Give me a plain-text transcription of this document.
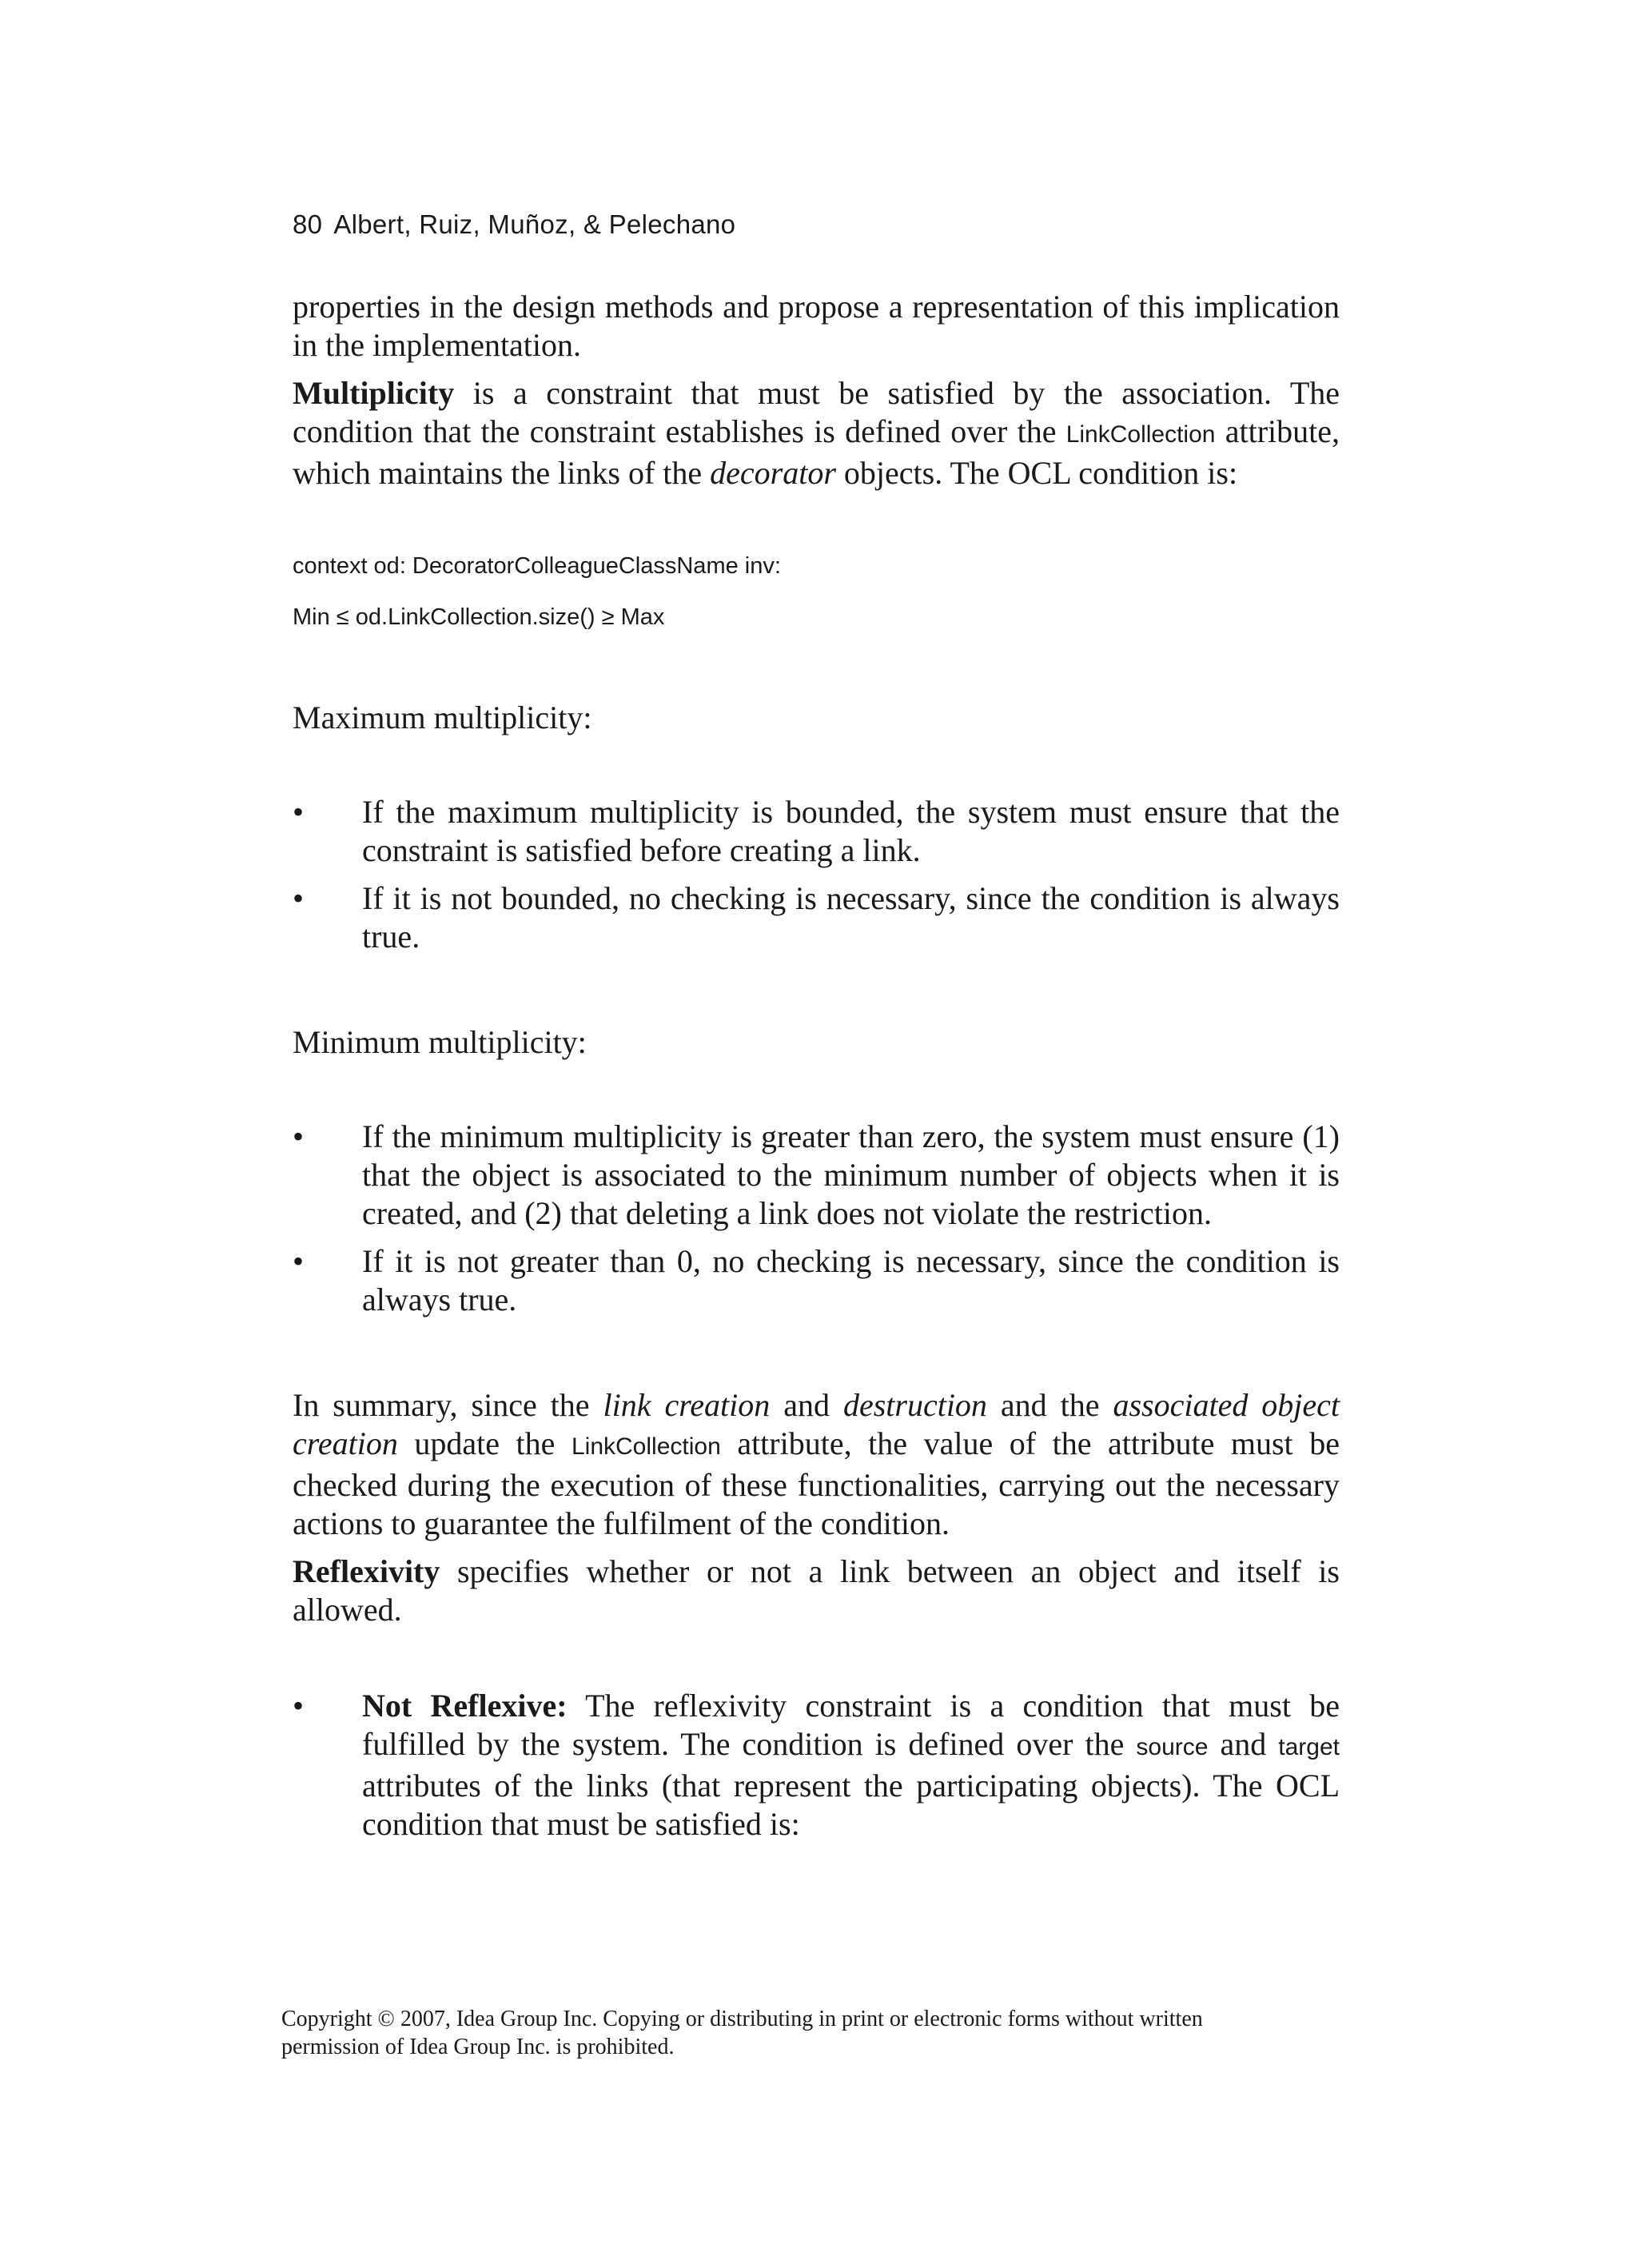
80 Albert, Ruiz, Muñoz, & Pelechano

properties in the design methods and propose a representation of this implication in the implementation.

Multiplicity is a constraint that must be satisfied by the association. The condition that the constraint establishes is defined over the LinkCollection attribute, which maintains the links of the decorator objects. The OCL condition is:

context od: DecoratorColleagueClassName inv:

Min ≤ od.LinkCollection.size() ≥ Max

Maximum multiplicity:

• If the maximum multiplicity is bounded, the system must ensure that the constraint is satisfied before creating a link.
• If it is not bounded, no checking is necessary, since the condition is always true.

Minimum multiplicity:

• If the minimum multiplicity is greater than zero, the system must ensure (1) that the object is associated to the minimum number of objects when it is created, and (2) that deleting a link does not violate the restriction.
• If it is not greater than 0, no checking is necessary, since the condition is always true.

In summary, since the link creation and destruction and the associated object creation update the LinkCollection attribute, the value of the attribute must be checked during the execution of these functionalities, carrying out the necessary actions to guarantee the fulfilment of the condition.

Reflexivity specifies whether or not a link between an object and itself is allowed.

• Not Reflexive: The reflexivity constraint is a condition that must be fulfilled by the system. The condition is defined over the source and target attributes of the links (that represent the participating objects). The OCL condition that must be satisfied is:

Copyright © 2007, Idea Group Inc. Copying or distributing in print or electronic forms without written

permission of Idea Group Inc. is prohibited.
